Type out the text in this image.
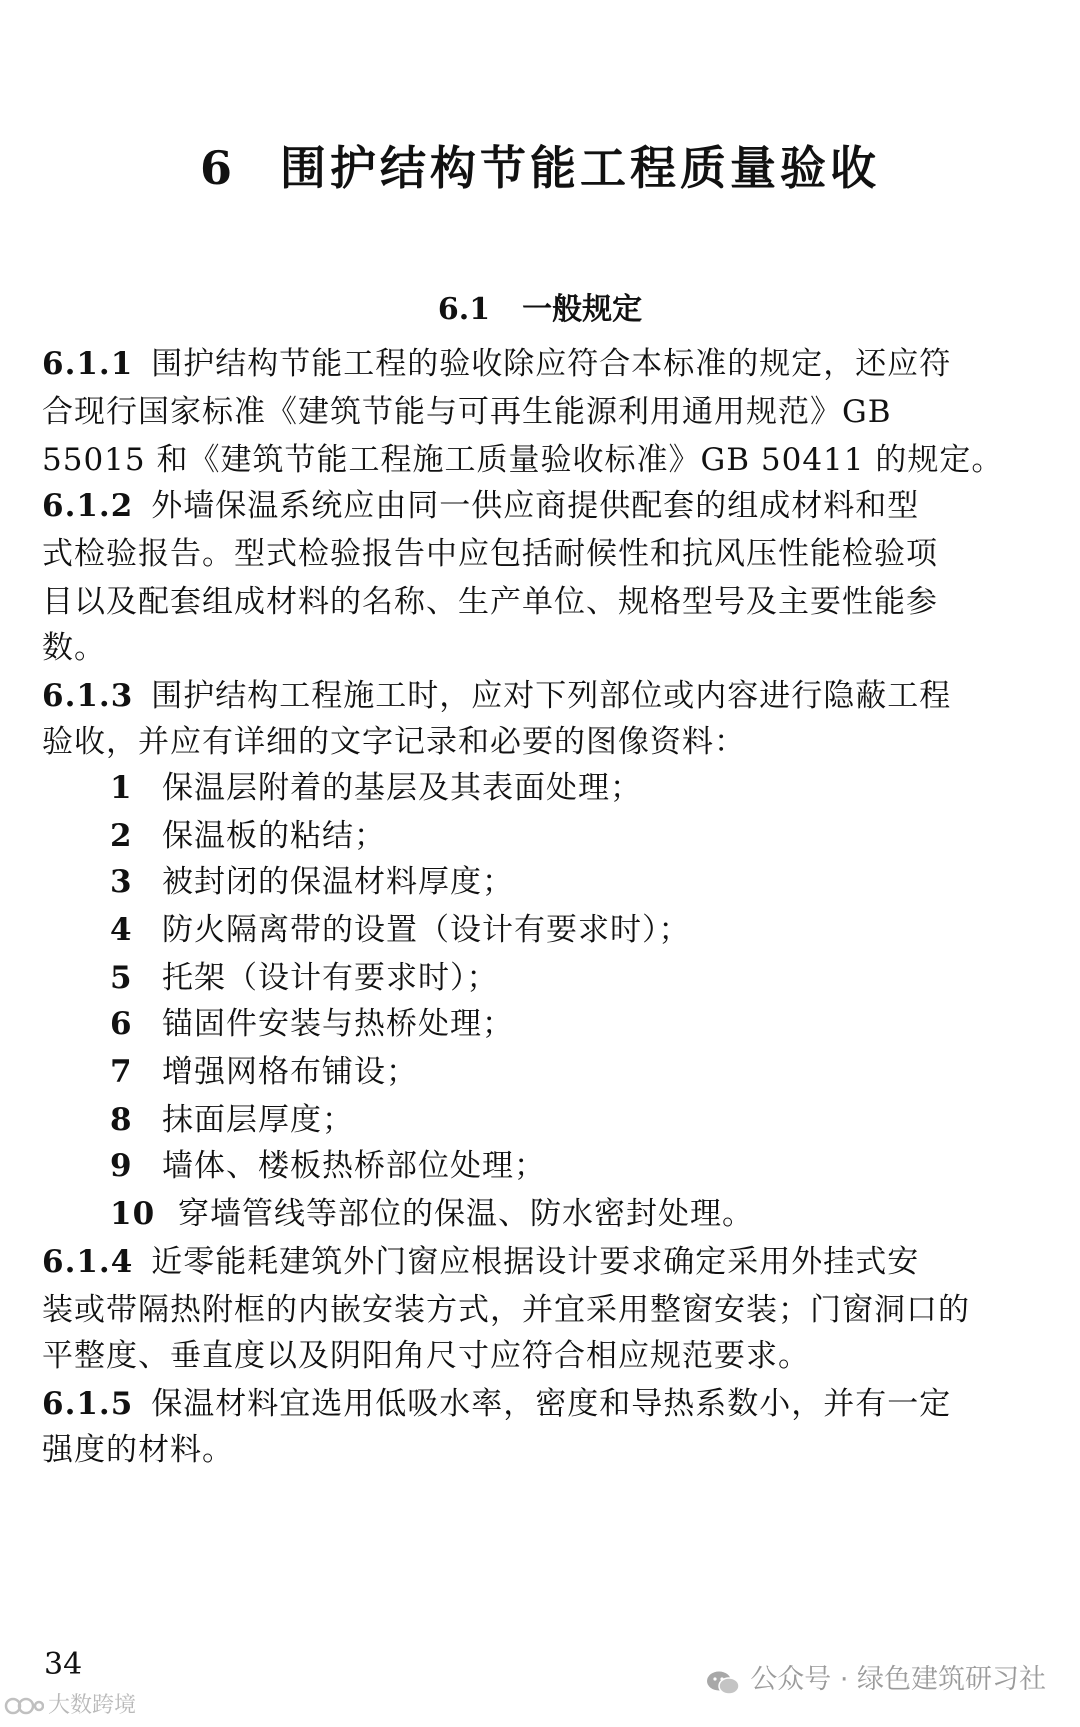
6 围护结构节能工程质量验收
6.1 一般规定
6.1.1 围护结构节能工程的验收除应符合本标准的规定，还应符
合现行国家标准《建筑节能与可再生能源利用通用规范》GB
55015 和《建筑节能工程施工质量验收标准》GB 50411 的规定。
6.1.2 外墙保温系统应由同一供应商提供配套的组成材料和型
式检验报告。型式检验报告中应包括耐候性和抗风压性能检验项
目以及配套组成材料的名称、生产单位、规格型号及主要性能参
数。
6.1.3 围护结构工程施工时，应对下列部位或内容进行隐蔽工程
验收，并应有详细的文字记录和必要的图像资料：
1 保温层附着的基层及其表面处理；
2 保温板的粘结；
3 被封闭的保温材料厚度；
4 防火隔离带的设置（设计有要求时）；
5 托架（设计有要求时）；
6 锚固件安装与热桥处理；
7 增强网格布铺设；
8 抹面层厚度；
9 墙体、楼板热桥部位处理；
10 穿墙管线等部位的保温、防水密封处理。
6.1.4 近零能耗建筑外门窗应根据设计要求确定采用外挂式安
装或带隔热附框的内嵌安装方式，并宜采用整窗安装；门窗洞口的
平整度、垂直度以及阴阳角尺寸应符合相应规范要求。
6.1.5 保温材料宜选用低吸水率，密度和导热系数小，并有一定
强度的材料。
34	公众号 · 绿色建筑研习社
大数跨境
